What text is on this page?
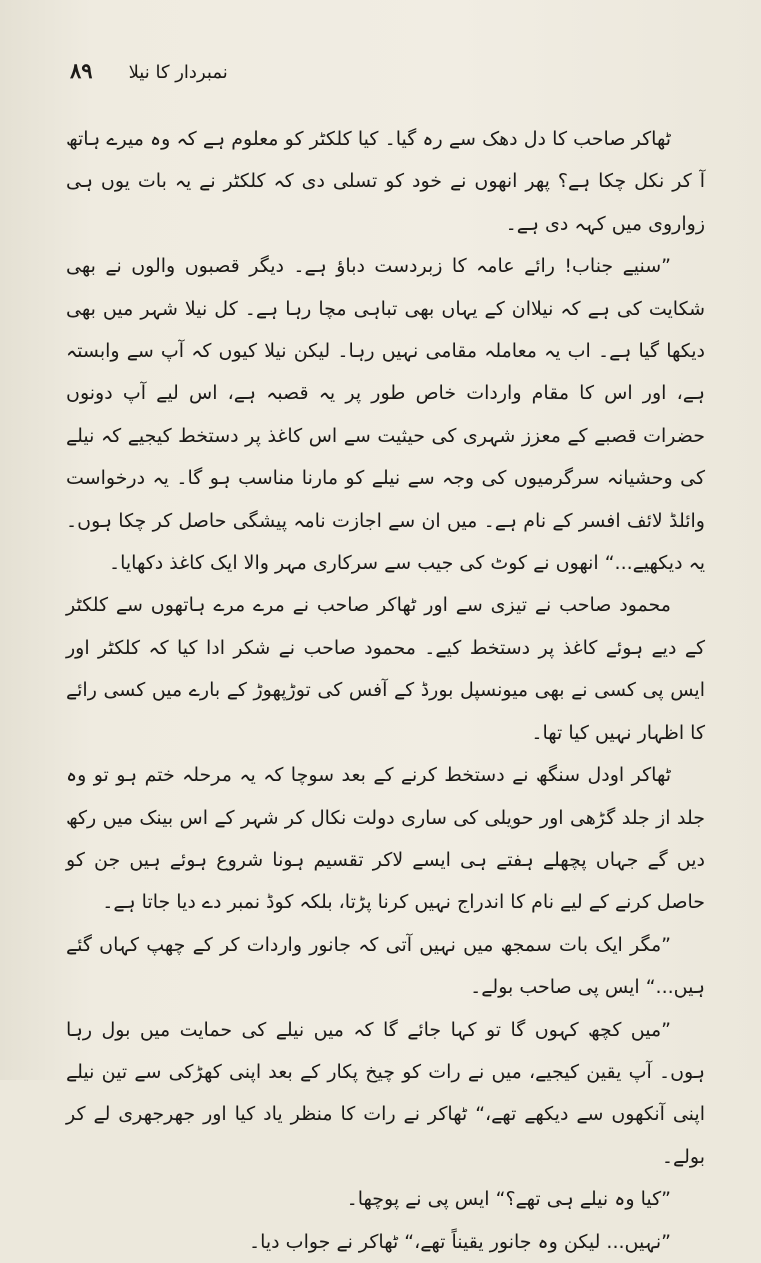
٨٩ نمبردار کا نیلا

ٹھاکر صاحب کا دل دھک سے رہ گیا۔ کیا کلکٹر کو معلوم ہے کہ وہ میرے ہاتھ آ کر نکل چکا ہے؟ پھر انھوں نے خود کو تسلی دی کہ کلکٹر نے یہ بات یوں ہی زواروی میں کہہ دی ہے۔

”سنیے جناب! رائے عامہ کا زبردست دباؤ ہے۔ دیگر قصبوں والوں نے بھی شکایت کی ہے کہ نیلاان کے یہاں بھی تباہی مچا رہا ہے۔ کل نیلا شہر میں بھی دیکھا گیا ہے۔ اب یہ معاملہ مقامی نہیں رہا۔ لیکن نیلا کیوں کہ آپ سے وابستہ ہے، اور اس کا مقام واردات خاص طور پر یہ قصبہ ہے، اس لیے آپ دونوں حضرات قصبے کے معزز شہری کی حیثیت سے اس کاغذ پر دستخط کیجیے کہ نیلے کی وحشیانہ سرگرمیوں کی وجہ سے نیلے کو مارنا مناسب ہو گا۔ یہ درخواست وائلڈ لائف افسر کے نام ہے۔ میں ان سے اجازت نامہ پیشگی حاصل کر چکا ہوں۔ یہ دیکھیے...“ انھوں نے کوٹ کی جیب سے سرکاری مہر والا ایک کاغذ دکھایا۔

محمود صاحب نے تیزی سے اور ٹھاکر صاحب نے مرے مرے ہاتھوں سے کلکٹر کے دیے ہوئے کاغذ پر دستخط کیے۔ محمود صاحب نے شکر ادا کیا کہ کلکٹر اور ایس پی کسی نے بھی میونسپل بورڈ کے آفس کی توڑپھوڑ کے بارے میں کسی رائے کا اظہار نہیں کیا تھا۔

ٹھاکر اودل سنگھ نے دستخط کرنے کے بعد سوچا کہ یہ مرحلہ ختم ہو تو وہ جلد از جلد گڑھی اور حویلی کی ساری دولت نکال کر شہر کے اس بینک میں رکھ دیں گے جہاں پچھلے ہفتے ہی ایسے لاکر تقسیم ہونا شروع ہوئے ہیں جن کو حاصل کرنے کے لیے نام کا اندراج نہیں کرنا پڑتا، بلکہ کوڈ نمبر دے دیا جاتا ہے۔

”مگر ایک بات سمجھ میں نہیں آتی کہ جانور واردات کر کے چھپ کہاں گئے ہیں...“ ایس پی صاحب بولے۔

”میں کچھ کہوں گا تو کہا جائے گا کہ میں نیلے کی حمایت میں بول رہا ہوں۔ آپ یقین کیجیے، میں نے رات کو چیخ پکار کے بعد اپنی کھڑکی سے تین نیلے اپنی آنکھوں سے دیکھے تھے،“ ٹھاکر نے رات کا منظر یاد کیا اور جھرجھری لے کر بولے۔

”کیا وہ نیلے ہی تھے؟“ ایس پی نے پوچھا۔

”نہیں... لیکن وہ جانور یقیناً تھے،“ ٹھاکر نے جواب دیا۔
